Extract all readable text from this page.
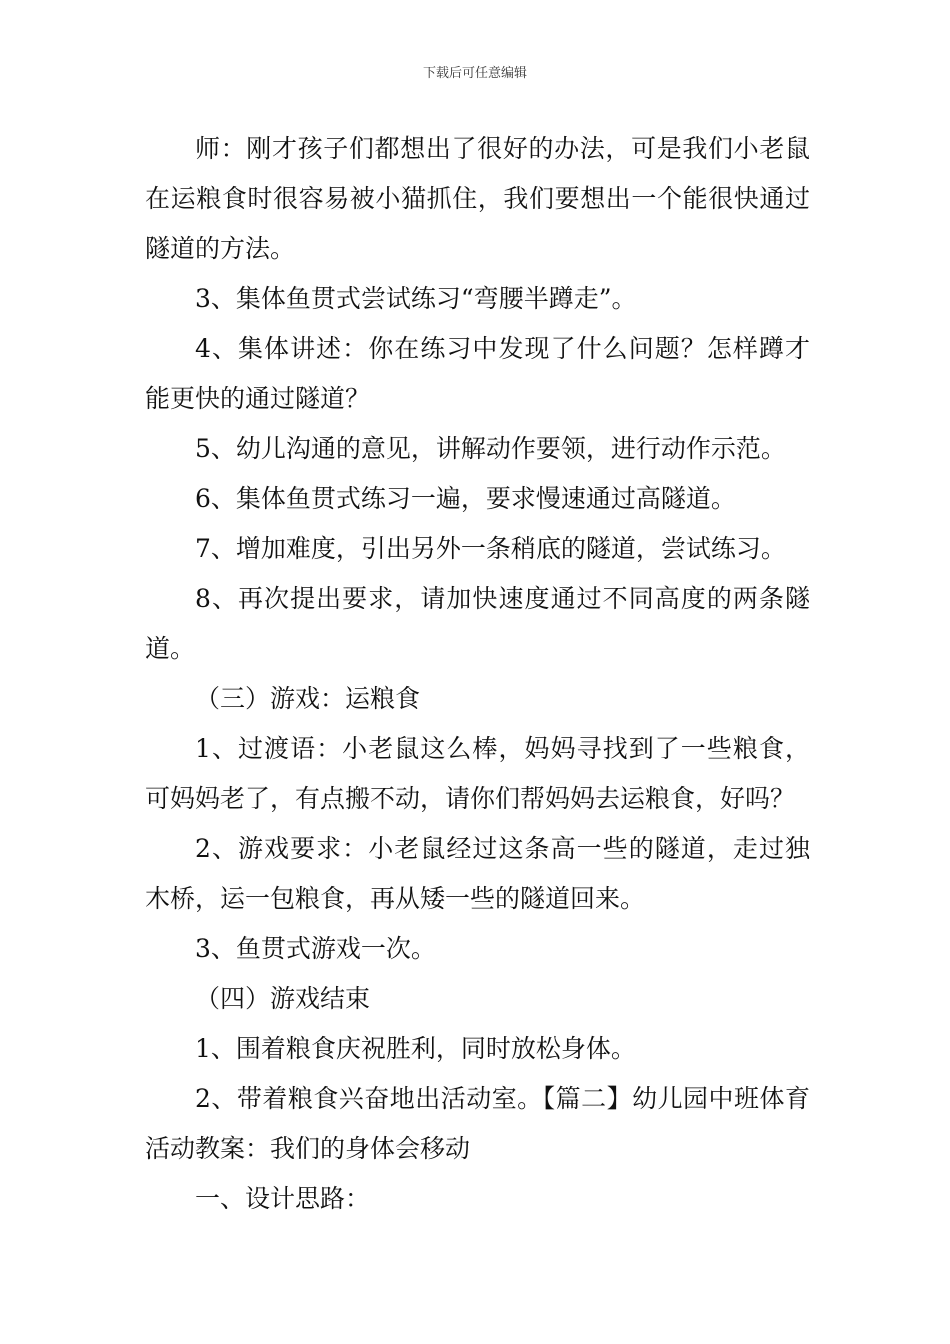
下载后可任意编辑

师：刚才孩子们都想出了很好的办法，可是我们小老鼠在运粮食时很容易被小猫抓住，我们要想出一个能很快通过隧道的方法。

3、集体鱼贯式尝试练习“弯腰半蹲走”。

4、集体讲述：你在练习中发现了什么问题？怎样蹲才能更快的通过隧道？

5、幼儿沟通的意见，讲解动作要领，进行动作示范。

6、集体鱼贯式练习一遍，要求慢速通过高隧道。

7、增加难度，引出另外一条稍底的隧道，尝试练习。

8、再次提出要求，请加快速度通过不同高度的两条隧道。

（三）游戏：运粮食

1、过渡语：小老鼠这么棒，妈妈寻找到了一些粮食，可妈妈老了，有点搬不动，请你们帮妈妈去运粮食，好吗？

2、游戏要求：小老鼠经过这条高一些的隧道，走过独木桥，运一包粮食，再从矮一些的隧道回来。

3、鱼贯式游戏一次。

（四）游戏结束

1、围着粮食庆祝胜利，同时放松身体。

2、带着粮食兴奋地出活动室。【篇二】幼儿园中班体育活动教案：我们的身体会移动

一、设计思路：
